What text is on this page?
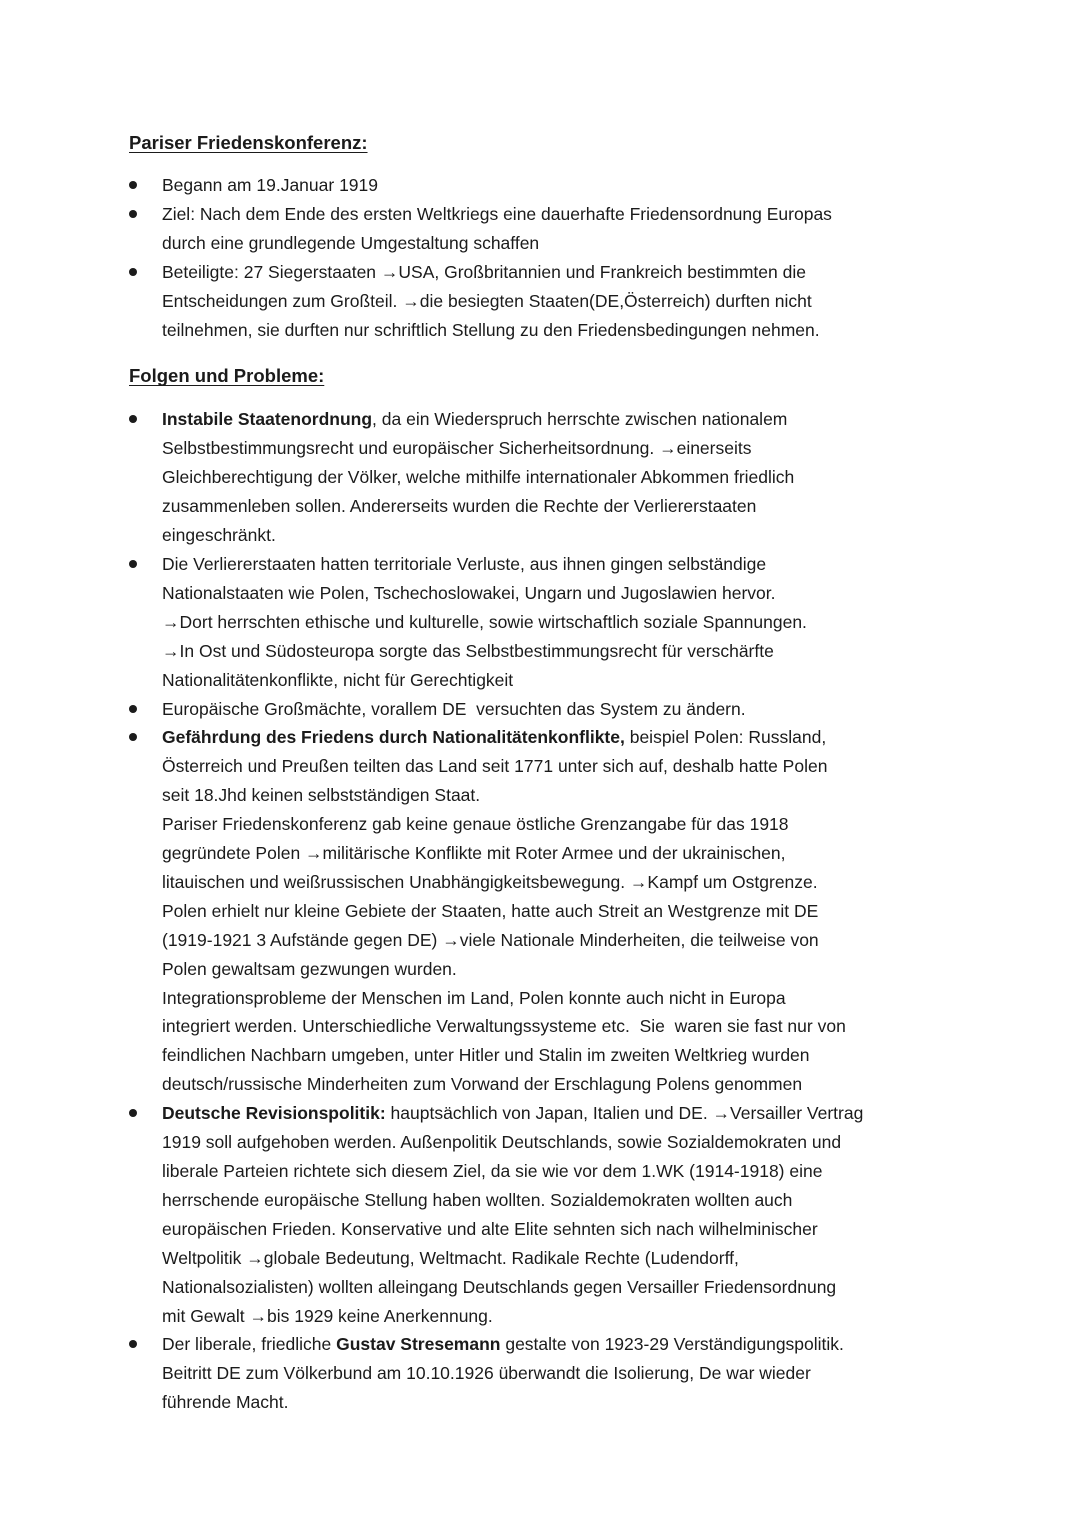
Pariser Friedenskonferenz:
Begann am 19.Januar 1919
Ziel: Nach dem Ende des ersten Weltkriegs eine dauerhafte Friedensordnung Europas
durch eine grundlegende Umgestaltung schaffen
Beteiligte: 27 Siegerstaaten →USA, Großbritannien und Frankreich bestimmten die
Entscheidungen zum Großteil. →die besiegten Staaten(DE,Österreich) durften nicht
teilnehmen, sie durften nur schriftlich Stellung zu den Friedensbedingungen nehmen.
Folgen und Probleme:
Instabile Staatenordnung, da ein Wiederspruch herrschte zwischen nationalem
Selbstbestimmungsrecht und europäischer Sicherheitsordnung. →einerseits
Gleichberechtigung der Völker, welche mithilfe internationaler Abkommen friedlich
zusammenleben sollen. Andererseits wurden die Rechte der Verliererstaaten
eingeschränkt.
Die Verliererstaaten hatten territoriale Verluste, aus ihnen gingen selbständige
Nationalstaaten wie Polen, Tschechoslowakei, Ungarn und Jugoslawien hervor.
→Dort herrschten ethische und kulturelle, sowie wirtschaftlich soziale Spannungen.
→In Ost und Südosteuropa sorgte das Selbstbestimmungsrecht für verschärfte
Nationalitätenkonflikte, nicht für Gerechtigkeit
Europäische Großmächte, vorallem DE  versuchten das System zu ändern.
Gefährdung des Friedens durch Nationalitätenkonflikte, beispiel Polen: Russland,
Österreich und Preußen teilten das Land seit 1771 unter sich auf, deshalb hatte Polen
seit 18.Jhd keinen selbstständigen Staat.
Pariser Friedenskonferenz gab keine genaue östliche Grenzangabe für das 1918
gegründete Polen →militärische Konflikte mit Roter Armee und der ukrainischen,
litauischen und weißrussischen Unabhängigkeitsbewegung. →Kampf um Ostgrenze.
Polen erhielt nur kleine Gebiete der Staaten, hatte auch Streit an Westgrenze mit DE
(1919-1921 3 Aufstände gegen DE) →viele Nationale Minderheiten, die teilweise von
Polen gewaltsam gezwungen wurden.
Integrationsprobleme der Menschen im Land, Polen konnte auch nicht in Europa
integriert werden. Unterschiedliche Verwaltungssysteme etc.  Sie  waren sie fast nur von
feindlichen Nachbarn umgeben, unter Hitler und Stalin im zweiten Weltkrieg wurden
deutsch/russische Minderheiten zum Vorwand der Erschlagung Polens genommen
Deutsche Revisionspolitik: hauptsächlich von Japan, Italien und DE. →Versailler Vertrag
1919 soll aufgehoben werden. Außenpolitik Deutschlands, sowie Sozialdemokraten und
liberale Parteien richtete sich diesem Ziel, da sie wie vor dem 1.WK (1914-1918) eine
herrschende europäische Stellung haben wollten. Sozialdemokraten wollten auch
europäischen Frieden. Konservative und alte Elite sehnten sich nach wilhelminischer
Weltpolitik →globale Bedeutung, Weltmacht. Radikale Rechte (Ludendorff,
Nationalsozialisten) wollten alleingang Deutschlands gegen Versailler Friedensordnung
mit Gewalt →bis 1929 keine Anerkennung.
Der liberale, friedliche Gustav Stresemann gestalte von 1923-29 Verständigungspolitik.
Beitritt DE zum Völkerbund am 10.10.1926 überwandt die Isolierung, De war wieder
führende Macht.
